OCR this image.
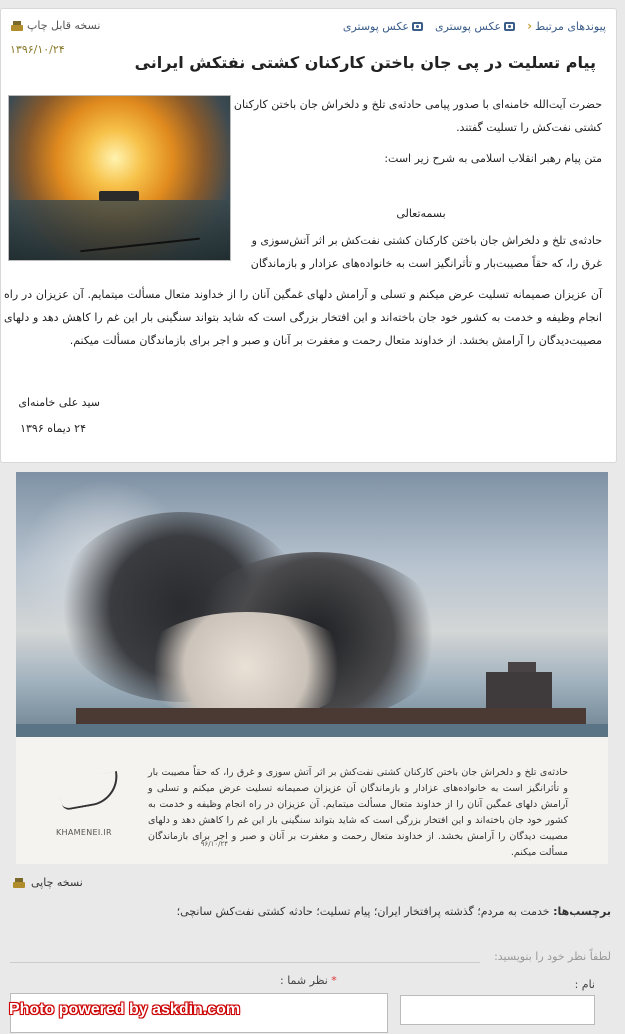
نسخه قابل چاپ	پیوندهای مرتبط
‹
عکس پوستری
عکس پوستری
۱۳۹۶/۱۰/۲۴
پیام تسلیت در پی جان باختن کارکنان کشتی نفتکش ایرانی
حضرت آیت‌الله خامنه‌ای با صدور پیامی حادثه‌ی تلخ و دلخراش جان باختن کارکنان کشتی نفت‌کش را تسلیت گفتند.
متن پیام رهبر انقلاب اسلامی به شرح زیر است:
بسمه‌تعالی
حادثه‌ی تلخ و دلخراش جان باختن کارکنان کشتی نفت‌کش بر اثر آتش‌سوزی و غرق را، که حقاً مصیبت‌بار و تأثرانگیز است به خانواده‌های عزادار و بازماندگان
آن عزیزان صمیمانه تسلیت عرض میکنم و تسلی و آرامش دلهای غمگین آنان را از خداوند متعال مسألت میتمایم. آن عزیزان در راه انجام وظیفه و خدمت به کشور خود جان باخته‌اند و این افتخار بزرگی است که شاید بتواند سنگینی بار این غم را کاهش دهد و دلهای مصیبت‌دیدگان را آرامش بخشد. از خداوند متعال رحمت و مغفرت بر آنان و صبر و اجر برای بازماندگان مسألت میکنم.
سید علی خامنه‌ای
۲۴ دیماه ۱۳۹۶
حادثه‌ی تلخ و دلخراش جان باختن کارکنان کشتی نفت‌کش بر اثر آتش سوزی و غرق را، که حقاً مصیبت بار و تأثرانگیز است به خانواده‌های عزادار و بازماندگان آن عزیزان صمیمانه تسلیت عرض میکنم و تسلی و آرامش دلهای غمگین آنان را از خداوند متعال مسألت میتمایم. آن عزیزان در راه انجام وظیفه و خدمت به کشور خود جان باخته‌اند و این افتخار بزرگی است که شاید بتواند سنگینی بار این غم را کاهش دهد و دلهای مصیبت دیدگان را آرامش بخشد. از خداوند متعال رحمت و مغفرت بر آنان و صبر و اجر برای بازماندگان مسألت میکنم.
KHAMENEI.IR
۹۶/۱۰/۲۴
نسخه چاپی
برچسب‌ها: خدمت به مردم؛ گذشته پرافتخار ایران؛ پیام تسلیت؛ حادثه کشتی نفت‌کش سانچی؛
لطفاً نظر خود را بنویسید:
نام :
* نظر شما :
Photo powered by askdin.com
